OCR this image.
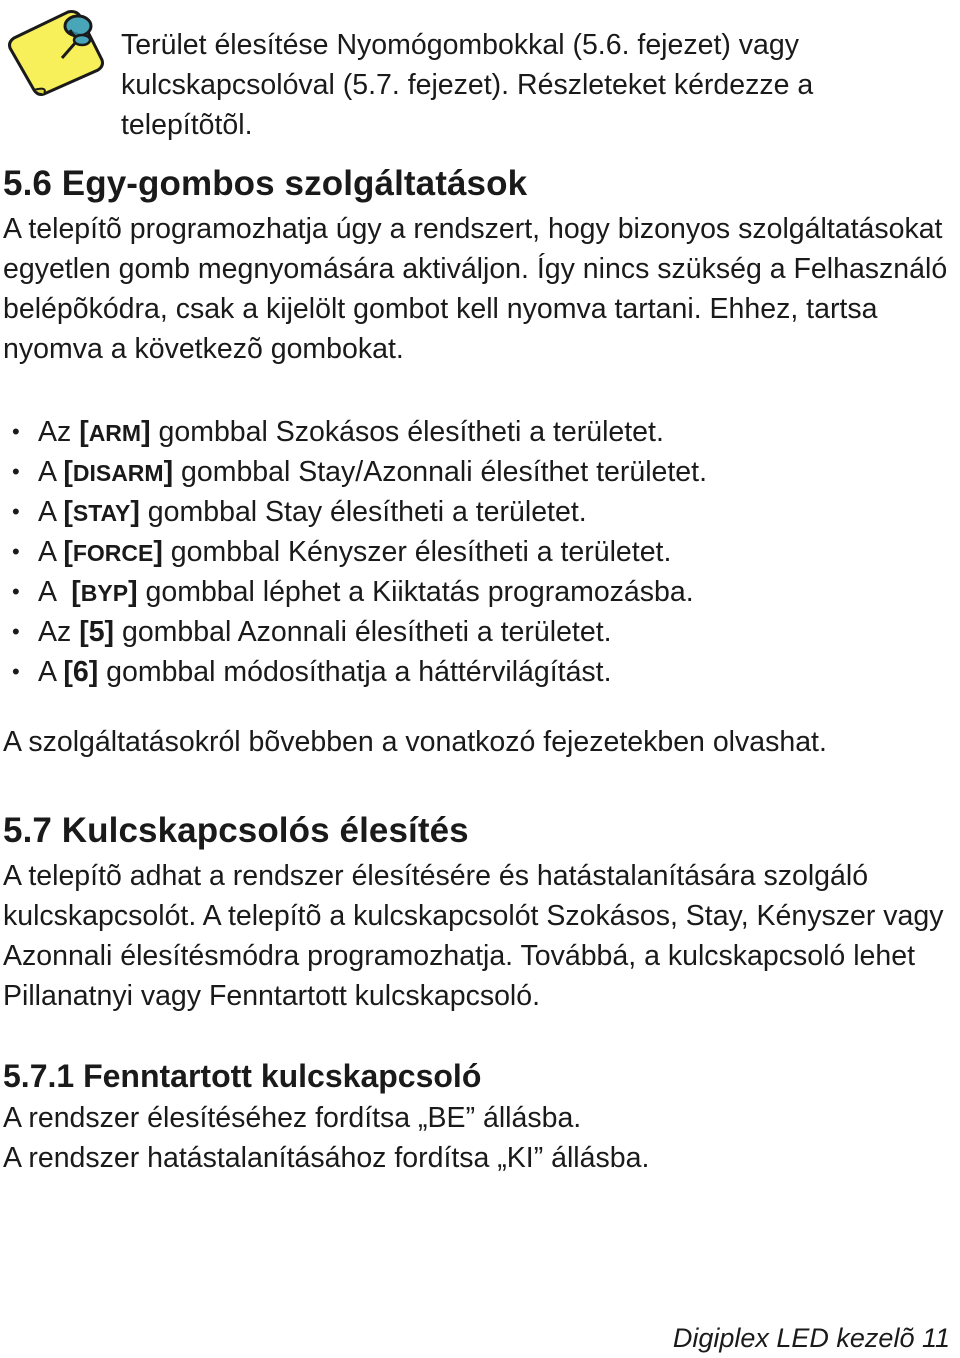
Terület élesítése Nyomógombokkal (5.6. fejezet) vagy kulcskapcsolóval (5.7. fejezet). Részleteket kérdezze a telepítõtõl.

5.6 Egy-gombos szolgáltatások

A telepítõ programozhatja úgy a rendszert, hogy bizonyos szolgáltatásokat egyetlen gomb megnyomására aktiváljon. Így nincs szükség a Felhasználó belépõkódra, csak a kijelölt gombot kell nyomva tartani. Ehhez, tartsa nyomva a következõ gombokat.

• Az [ARM] gombbal Szokásos élesítheti a területet.
• A [DISARM] gombbal Stay/Azonnali élesíthet területet.
• A [STAY] gombbal Stay élesítheti a területet.
• A [FORCE] gombbal Kényszer élesítheti a területet.
• A  [BYP] gombbal léphet a Kiiktatás programozásba.
• Az [5] gombbal Azonnali élesítheti a területet.
• A [6] gombbal módosíthatja a háttérvilágítást.

A szolgáltatásokról bõvebben a vonatkozó fejezetekben olvashat.

5.7 Kulcskapcsolós élesítés

A telepítõ adhat a rendszer élesítésére és hatástalanítására szolgáló kulcskapcsolót. A telepítõ a kulcskapcsolót Szokásos, Stay, Kényszer vagy Azonnali élesítésmódra programozhatja. Továbbá, a kulcskapcsoló lehet Pillanatnyi vagy Fenntartott kulcskapcsoló.

5.7.1 Fenntartott kulcskapcsoló

A rendszer élesítéséhez fordítsa „BE” állásba.

A rendszer hatástalanításához fordítsa „KI” állásba.

Digiplex LED kezelõ 11
